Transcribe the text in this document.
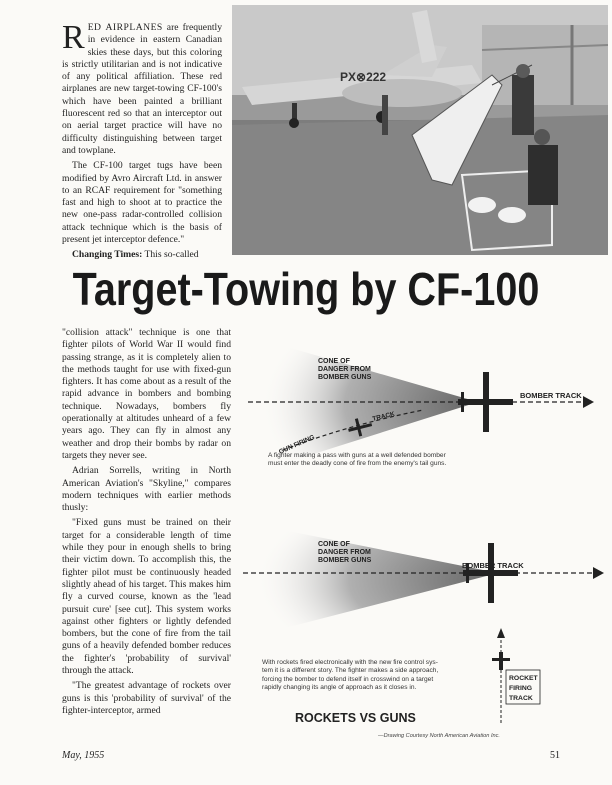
RED AIRPLANES are frequently in evidence in eastern Canadian skies these days, but this coloring is strictly utilitarian and is not indicative of any political affiliation. These red airplanes are new target-towing CF-100's which have been painted a brilliant fluorescent red so that an interceptor out on aerial target practice will have no difficulty distinguishing between target and towplane.

The CF-100 target tugs have been modified by Avro Aircraft Ltd. in answer to an RCAF requirement for "something fast and high to shoot at to practice the new one-pass radar-controlled collision attack technique which is the basis of present jet interceptor defence."

Changing Times: This so-called

PX⊗222
Target-Towing by CF-100

"collision attack" technique is one that fighter pilots of World War II would find passing strange, as it is completely alien to the methods taught for use with fixed-gun fighters. It has come about as a result of the rapid advance in bombers and bombing technique. Nowadays, bombers fly operationally at altitudes unheard of a few years ago. They can fly in almost any weather and drop their bombs by radar on targets they never see.

Adrian Sorrells, writing in North American Aviation's "Skyline," compares modern techniques with earlier methods thusly:

"Fixed guns must be trained on their target for a considerable length of time while they pour in enough shells to bring their victim down. To accomplish this, the fighter pilot must be continuously headed slightly ahead of his target. This makes him fly a curved course, known as the 'lead pursuit cure' [see cut]. This system works against other fighters or lightly defended bombers, but the cone of fire from the tail guns of a heavily defended bomber reduces the fighter's 'probability of survival' through the attack.

"The greatest advantage of rockets over guns is this 'probability of survival' of the fighter-interceptor, armed

CONE OF
DANGER FROM
BOMBER GUNS
BOMBER TRACK
GUN FIRING
TRACK
CONE OF
DANGER FROM
BOMBER GUNS
BOMBER TRACK
ROCKET
FIRING
TRACK
ROCKETS VS GUNS
A fighter making a pass with guns at a well defended bomber
must enter the deadly cone of fire from the enemy's tail guns.
With rockets fired electronically with the new fire control sys-
tem it is a different story. The fighter makes a side approach,
forcing the bomber to defend itself in crosswind on a target
rapidly changing its angle of approach as it closes in.
—Drawing Courtesy North American Aviation Inc.
May, 1955	51
